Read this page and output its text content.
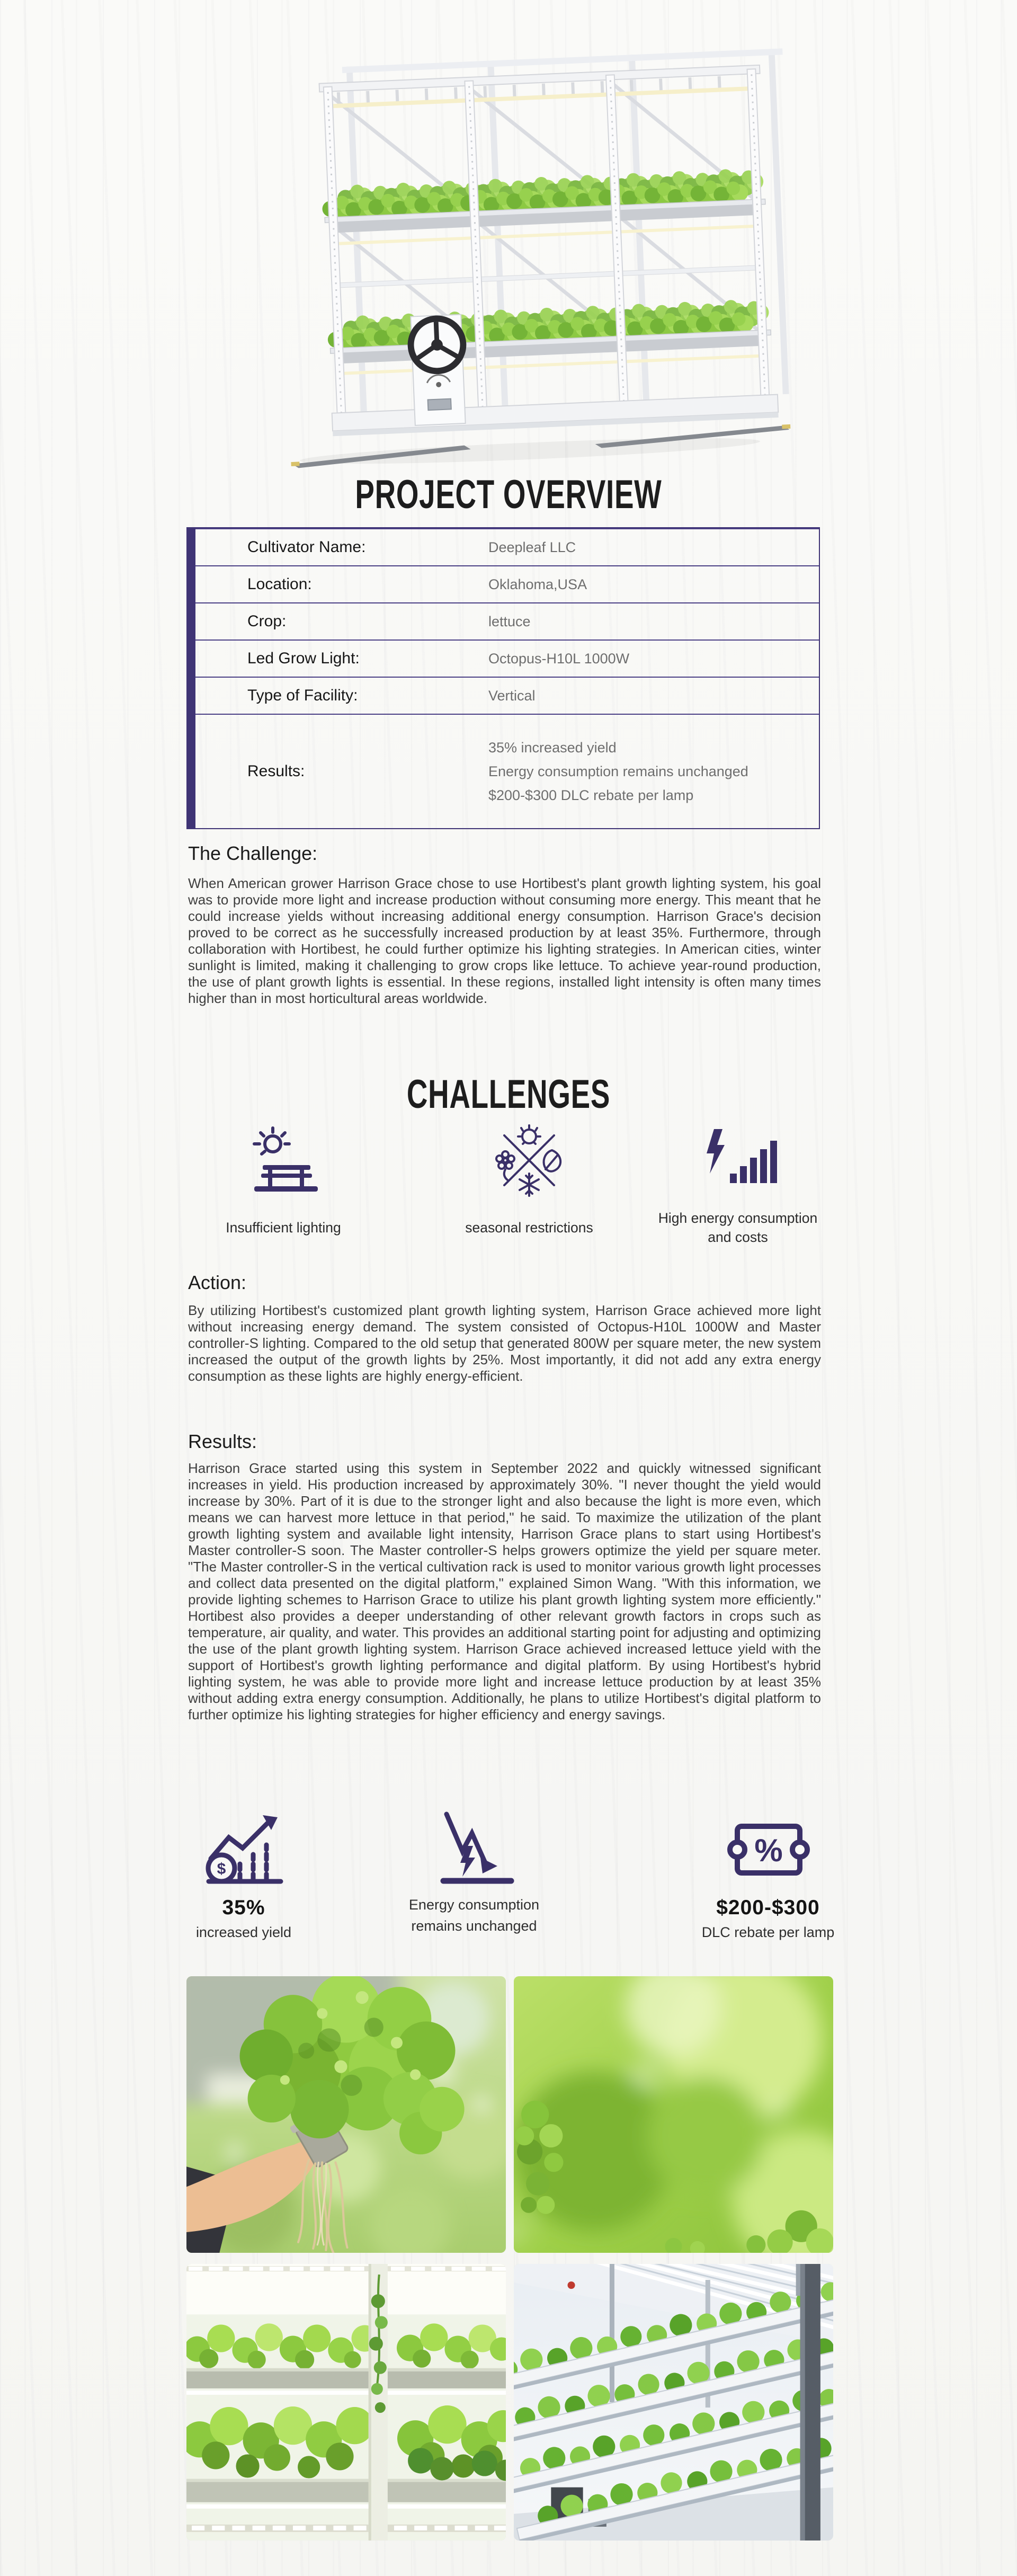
PROJECT OVERVIEW
Cultivator Name:	Deepleaf LLC
Location:	Oklahoma,USA
Crop:	lettuce
Led Grow Light:	Octopus-H10L 1000W
Type of Facility:	Vertical
Results:
35% increased yield
Energy consumption remains unchanged
$200-$300 DLC rebate per lamp
The Challenge:
When American grower Harrison Grace chose to use Hortibest's plant growth lighting system, his goal was to provide more light and increase production without consuming more energy. This meant that he could increase yields without increasing additional energy consumption. Harrison Grace's decision proved to be correct as he successfully increased production by at least 35%. Furthermore, through collaboration with Hortibest, he could further optimize his lighting strategies. In American cities, winter sunlight is limited, making it challenging to grow crops like lettuce. To achieve year-round production, the use of plant growth lights is essential. In these regions, installed light intensity is often many times higher than in most horticultural areas worldwide.
CHALLENGES
Insufficient lighting	seasonal restrictions
High energy consumption and costs
Action:
By utilizing Hortibest's customized plant growth lighting system, Harrison Grace achieved more light without increasing energy demand. The system consisted of Octopus-H10L 1000W and Master controller-S lighting. Compared to the old setup that generated 800W per square meter, the new system increased the output of the growth lights by 25%. Most importantly, it did not add any extra energy consumption as these lights are highly energy-efficient.
Results:
Harrison Grace started using this system in September 2022 and quickly witnessed significant increases in yield. His production increased by approximately 30%. "I never thought the yield would increase by 30%. Part of it is due to the stronger light and also because the light is more even, which means we can harvest more lettuce in that period," he said. To maximize the utilization of the plant growth lighting system and available light intensity, Harrison Grace plans to start using Hortibest's Master controller-S soon. The Master controller-S helps growers optimize the yield per square meter. "The Master controller-S in the vertical cultivation rack is used to monitor various growth light processes and collect data presented on the digital platform," explained Simon Wang. "With this information, we provide lighting schemes to Harrison Grace to utilize his plant growth lighting system more efficiently." Hortibest also provides a deeper understanding of other relevant growth factors in crops such as temperature, air quality, and water. This provides an additional starting point for adjusting and optimizing the use of the plant growth lighting system. Harrison Grace achieved increased lettuce yield with the support of Hortibest's growth lighting performance and digital platform. By using Hortibest's hybrid lighting system, he was able to provide more light and increase lettuce production by at least 35% without adding extra energy consumption. Additionally, he plans to utilize Hortibest's digital platform to further optimize his lighting strategies for higher efficiency and energy savings.
$
%
35%
increased yield
Energy consumption
remains unchanged
$200-$300
DLC rebate per lamp
